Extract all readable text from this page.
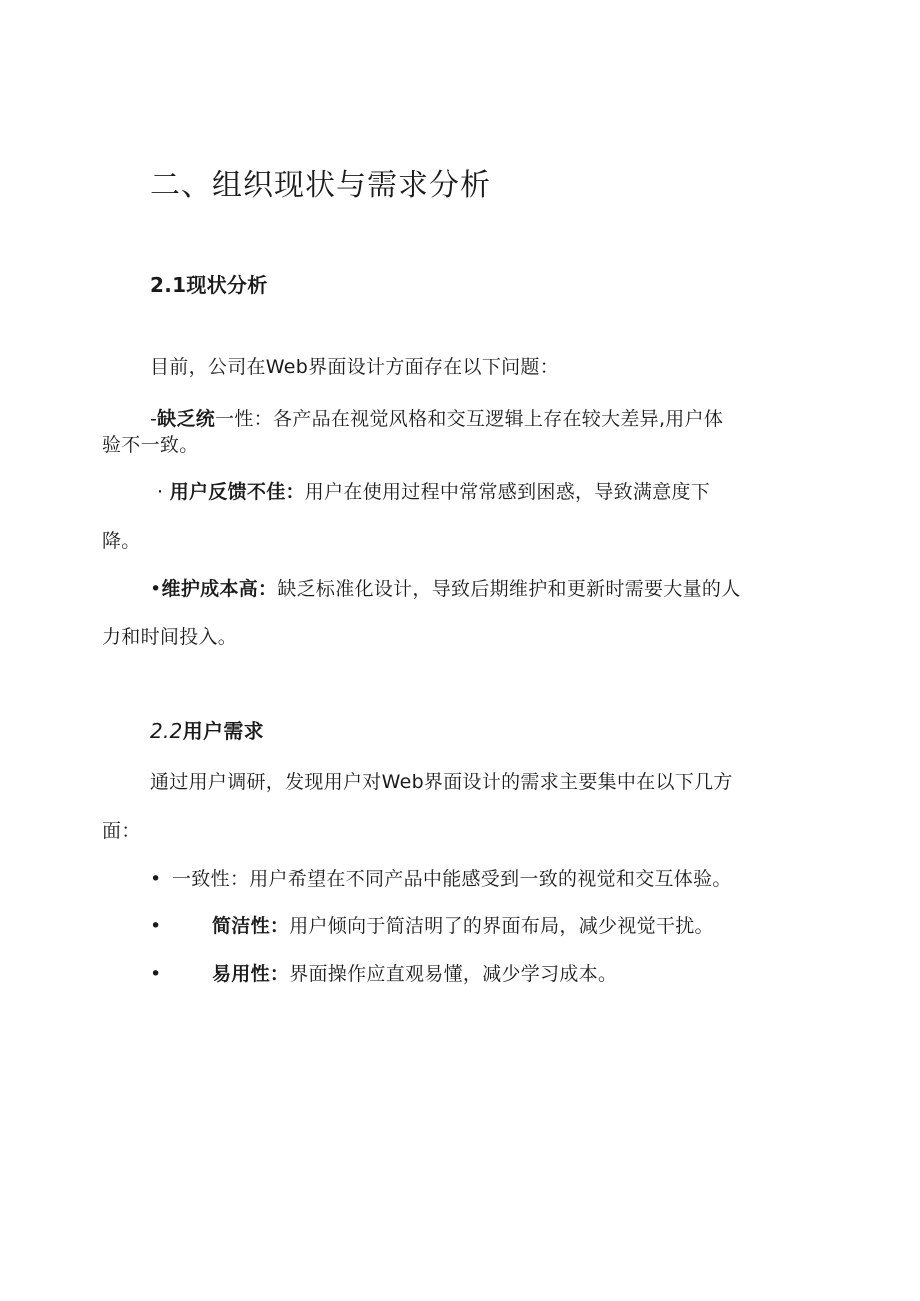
二、组织现状与需求分析
2.1现状分析
目前，公司在Web界面设计方面存在以下问题：
-缺乏统一性：各产品在视觉风格和交互逻辑上存在较大差异,用户体
验不一致。
· 用户反馈不佳：用户在使用过程中常常感到困惑，导致满意度下
降。
•维护成本高：缺乏标准化设计，导致后期维护和更新时需要大量的人
力和时间投入。
2.2用户需求
通过用户调研，发现用户对Web界面设计的需求主要集中在以下几方
面：
• 一致性：用户希望在不同产品中能感受到一致的视觉和交互体验。
•	简洁性：用户倾向于简洁明了的界面布局，减少视觉干扰。
•	易用性：界面操作应直观易懂，减少学习成本。
